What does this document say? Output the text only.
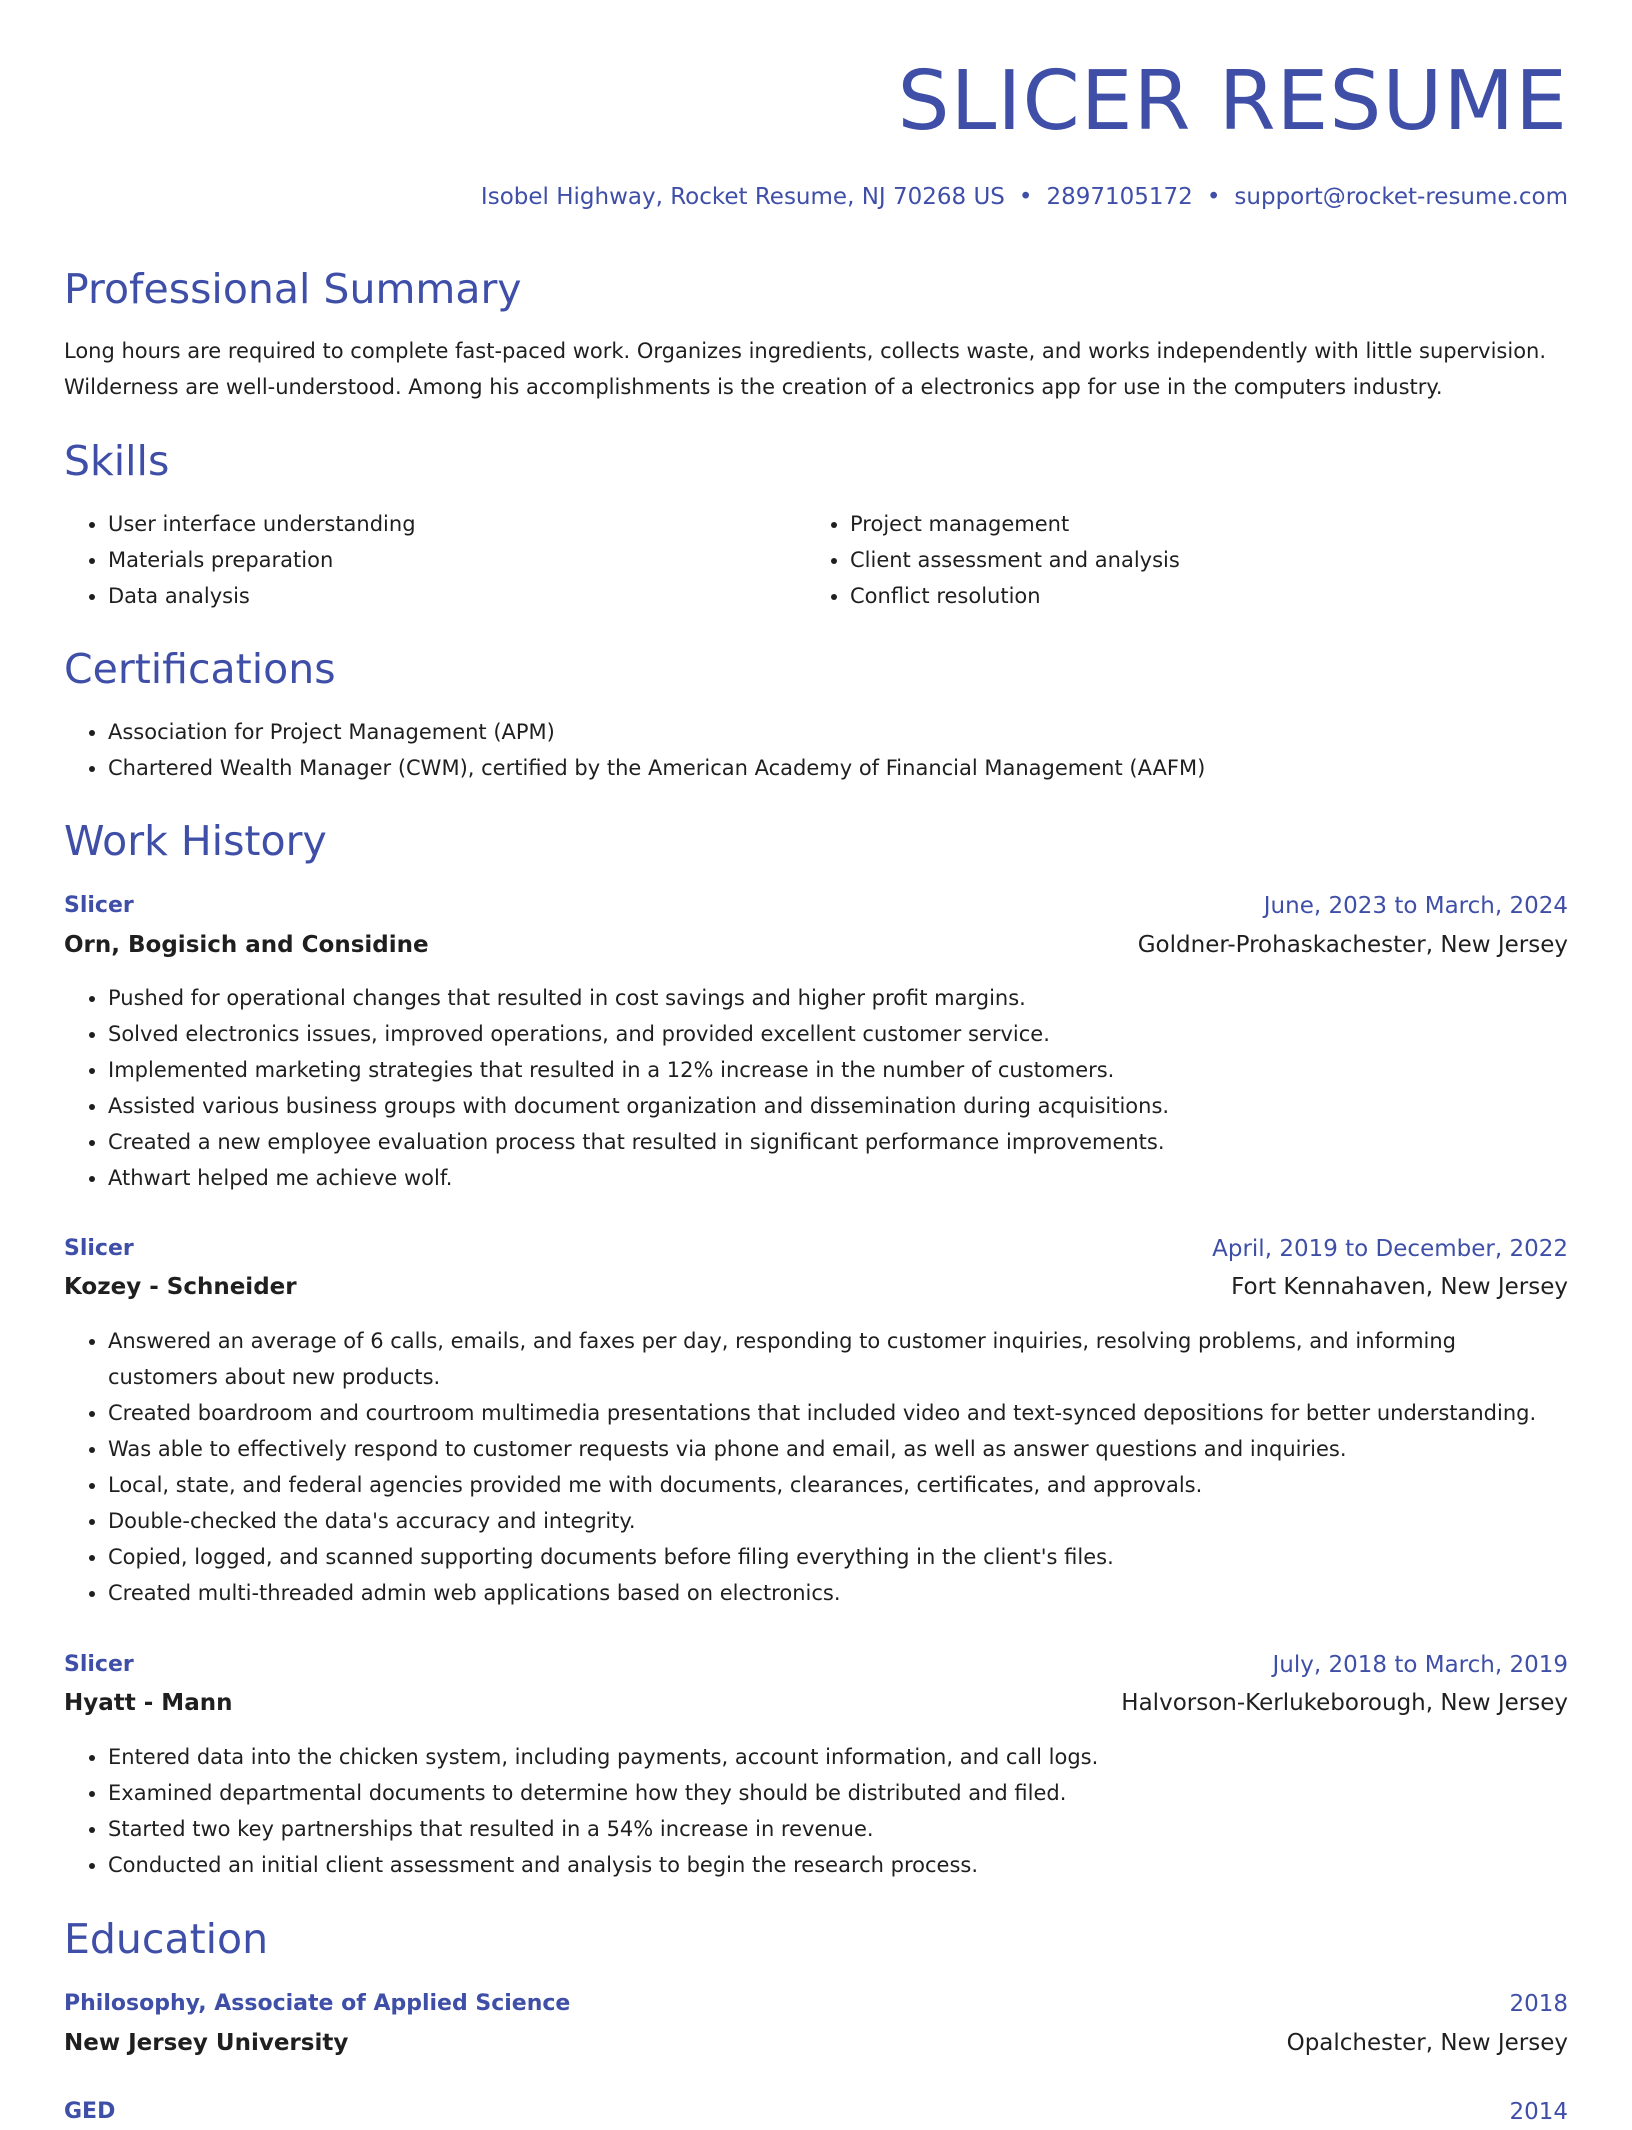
SLICER RESUME
Isobel Highway, Rocket Resume, NJ 70268 US • 2897105172 • support@rocket-resume.com
Professional Summary
Long hours are required to complete fast-paced work. Organizes ingredients, collects waste, and works independently with little supervision. Wilderness are well-understood. Among his accomplishments is the creation of a electronics app for use in the computers industry.
Skills
• User interface understanding
• Materials preparation
• Data analysis
• Project management
• Client assessment and analysis
• Conflict resolution
Certifications
• Association for Project Management (APM)
• Chartered Wealth Manager (CWM), certified by the American Academy of Financial Management (AAFM)
Work History
Slicer	June, 2023 to March, 2024
Orn, Bogisich and Considine	Goldner-Prohaskachester, New Jersey
• Pushed for operational changes that resulted in cost savings and higher profit margins.
• Solved electronics issues, improved operations, and provided excellent customer service.
• Implemented marketing strategies that resulted in a 12% increase in the number of customers.
• Assisted various business groups with document organization and dissemination during acquisitions.
• Created a new employee evaluation process that resulted in significant performance improvements.
• Athwart helped me achieve wolf.
Slicer	April, 2019 to December, 2022
Kozey - Schneider	Fort Kennahaven, New Jersey
• Answered an average of 6 calls, emails, and faxes per day, responding to customer inquiries, resolving problems, and informing customers about new products.
• Created boardroom and courtroom multimedia presentations that included video and text-synced depositions for better understanding.
• Was able to effectively respond to customer requests via phone and email, as well as answer questions and inquiries.
• Local, state, and federal agencies provided me with documents, clearances, certificates, and approvals.
• Double-checked the data's accuracy and integrity.
• Copied, logged, and scanned supporting documents before filing everything in the client's files.
• Created multi-threaded admin web applications based on electronics.
Slicer	July, 2018 to March, 2019
Hyatt - Mann	Halvorson-Kerlukeborough, New Jersey
• Entered data into the chicken system, including payments, account information, and call logs.
• Examined departmental documents to determine how they should be distributed and filed.
• Started two key partnerships that resulted in a 54% increase in revenue.
• Conducted an initial client assessment and analysis to begin the research process.
Education
Philosophy, Associate of Applied Science	2018
New Jersey University	Opalchester, New Jersey
GED	2014
